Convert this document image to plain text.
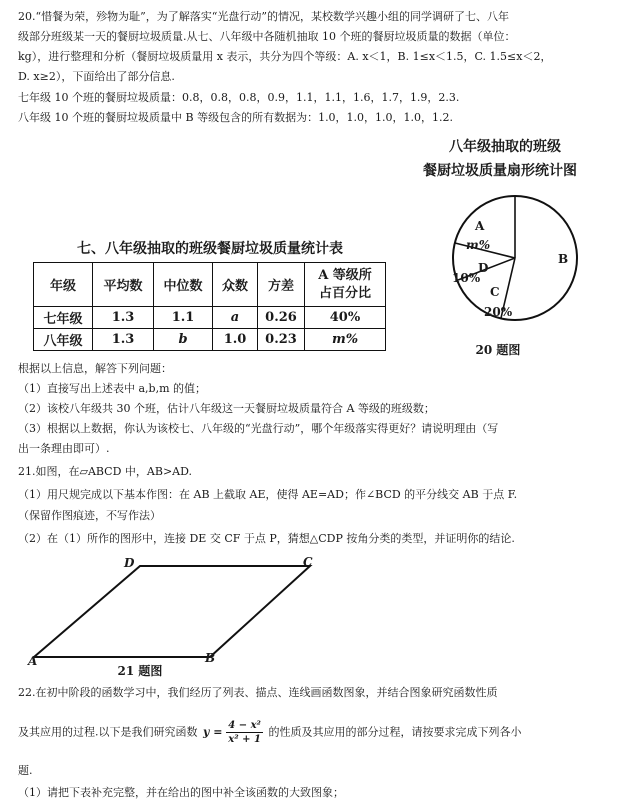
20.“惜餐为荣，殄物为耻”，为了解落实“光盘行动”的情况，某校数学兴趣小组的同学调研了七、八年
级部分班级某一天的餐厨垃圾质量.从七、八年级中各随机抽取 10 个班的餐厨垃圾质量的数据（单位：
kg），进行整理和分析（餐厨垃圾质量用 x 表示，共分为四个等级：A. x＜1，B. 1≤x＜1.5，C. 1.5≤x＜2，
D. x≥2），下面给出了部分信息.
七年级 10 个班的餐厨垃圾质量：0.8，0.8，0.8，0.9，1.1，1.1，1.6，1.7，1.9，2.3.
八年级 10 个班的餐厨垃圾质量中 B 等级包含的所有数据为：1.0，1.0，1.0，1.0，1.2.
八年级抽取的班级
餐厨垃圾质量扇形统计图
A
m%
B
C
20%
D
10%
20 题图
七、八年级抽取的班级餐厨垃圾质量统计表
年级	平均数	中位数	众数	方差	A 等级所
占百分比

七年级	1.3	1.1	a	0.26	40%
八年级	1.3	b	1.0	0.23	m%
根据以上信息，解答下列问题：
（1）直接写出上述表中 a,b,m 的值；
（2）该校八年级共 30 个班，估计八年级这一天餐厨垃圾质量符合 A 等级的班级数；
（3）根据以上数据，你认为该校七、八年级的“光盘行动”，哪个年级落实得更好？请说明理由（写
出一条理由即可）.
21.如图，在▱ABCD 中，AB>AD.
（1）用尺规完成以下基本作图：在 AB 上截取 AE，使得 AE=AD；作∠BCD 的平分线交 AB 于点 F.
（保留作图痕迹，不写作法）
（2）在（1）所作的图形中，连接 DE 交 CF 于点 P，猜想△CDP 按角分类的类型，并证明你的结论.
A	B
C
D
21 题图
22.在初中阶段的函数学习中，我们经历了列表、描点、连线画函数图象，并结合图象研究函数性质
及其应用的过程.以下是我们研究函数 $y = \frac{\text{4 − x²}}{\text{x² + 1}}$ 的性质及其应用的部分过程，请按要求完成下列各小
题.
（1）请把下表补充完整，并在给出的图中补全该函数的大致图象；
